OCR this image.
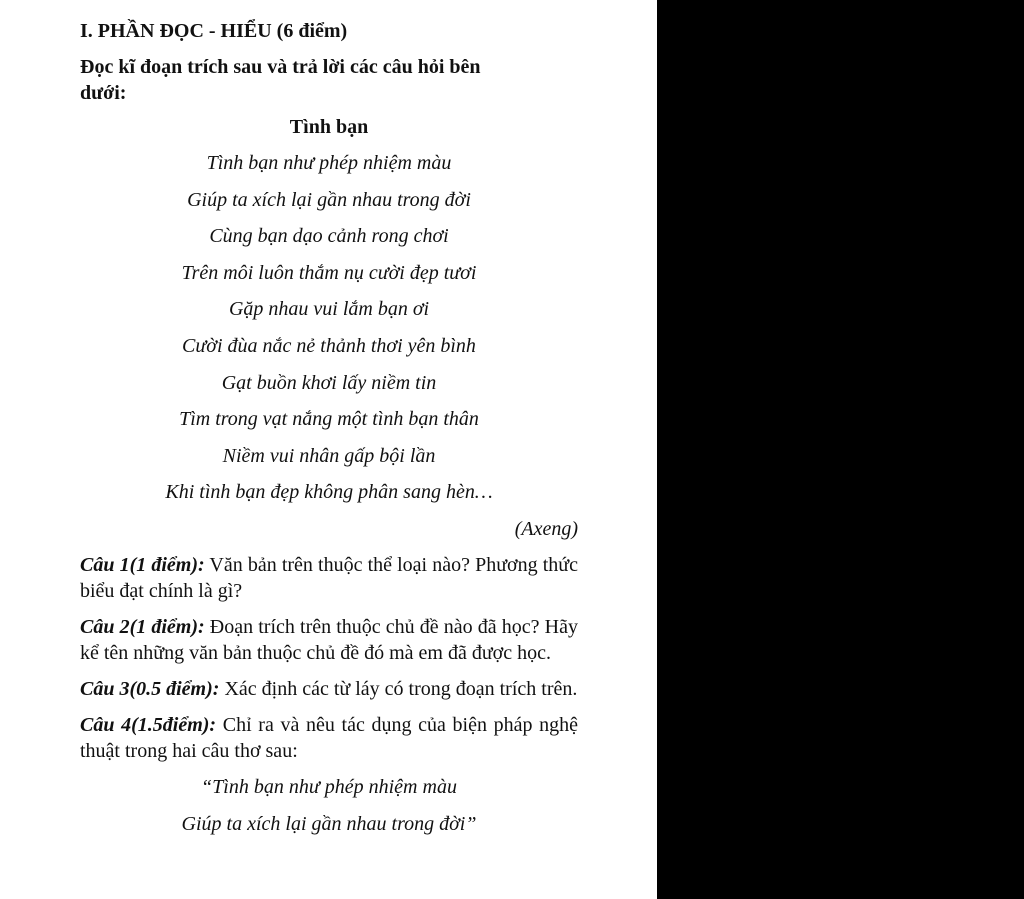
I. PHẦN ĐỌC - HIỂU (6 điểm)
Đọc kĩ đoạn trích sau và trả lời các câu hỏi bên dưới:
Tình bạn
Tình bạn như phép nhiệm màu
Giúp ta xích lại gần nhau trong đời
Cùng bạn dạo cảnh rong chơi
Trên môi luôn thắm nụ cười đẹp tươi
Gặp nhau vui lắm bạn ơi
Cười đùa nắc nẻ thảnh thơi yên bình
Gạt buồn khơi lấy niềm tin
Tìm trong vạt nắng một tình bạn thân
Niềm vui nhân gấp bội lần
Khi tình bạn đẹp không phân sang hèn…
(Axeng)
Câu 1(1 điểm): Văn bản trên thuộc thể loại nào? Phương thức biểu đạt chính là gì?
Câu 2(1 điểm): Đoạn trích trên thuộc chủ đề nào đã học? Hãy kể tên những văn bản thuộc chủ đề đó mà em đã được học.
Câu 3(0.5 điểm): Xác định các từ láy có trong đoạn trích trên.
Câu 4(1.5điểm): Chỉ ra và nêu tác dụng của biện pháp nghệ thuật trong hai câu thơ sau:
“Tình bạn như phép nhiệm màu
Giúp ta xích lại gần nhau trong đời”
